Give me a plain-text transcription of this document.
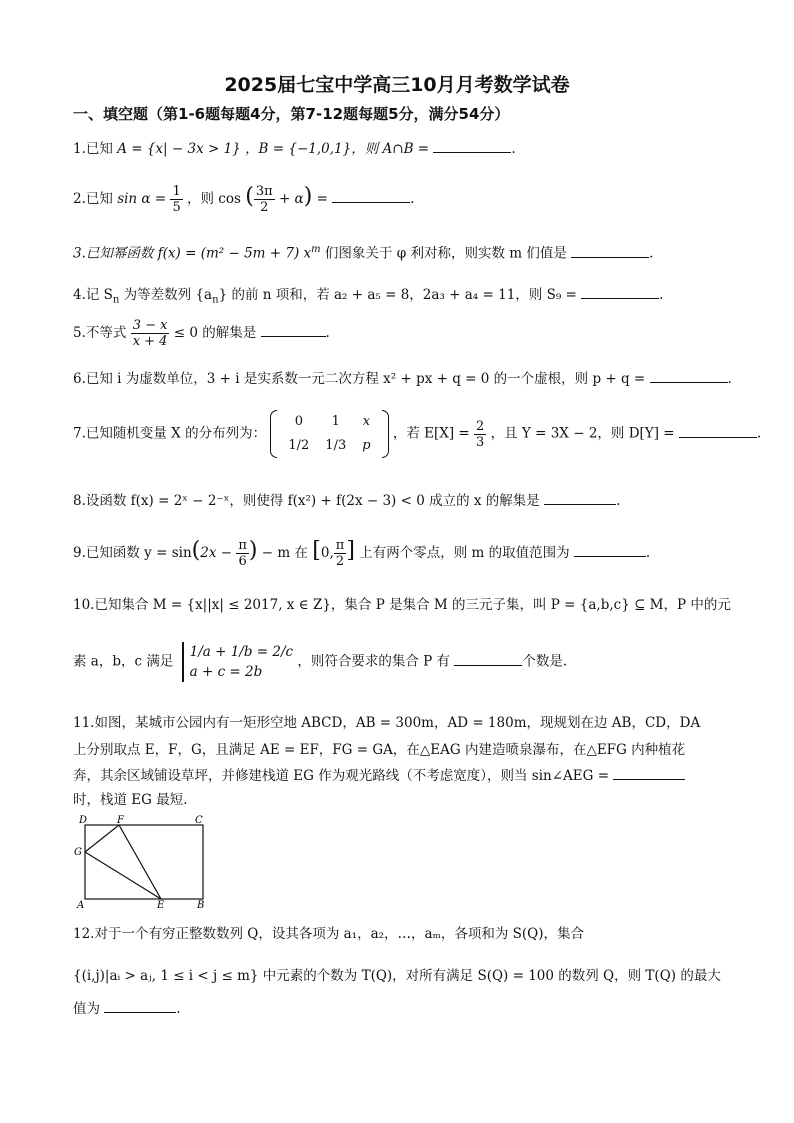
2025届七宝中学高三10月月考数学试卷
一、填空题（第1-6题每题4分，第7-12题每题5分，满分54分）
1.已知 A = {x| − 3x > 1} ，B = {−1,0,1}，则 A∩B =	.
2.已知 $\sin \alpha = \frac{1}{5}$ ，则 cos ( $\frac{3\pi}{2} + \alpha$) =	.
3.已知幂函数 f(x) = (m² − 5m + 7) $x^m$ 们图象关于 φ 利对称，则实数 m 们值是	.
4.记 $S_n$ 为等差数列 $\{a_n\}$ 的前 n 项和，若 a₂ + a₅ = 8，2a₃ + a₄ = 11，则 S₉ =	.
5.不等式 $\frac{3 - x}{x + 4} \le 0$ 的解集是	.
6.已知 i 为虚数单位，3 + i 是实系数一元二次方程 x² + px + q = 0 的一个虚根，则 p + q =	.
7.已知随机变量 X 的分布列为：
0	1	x
1/2	1/3	p
，若 $E[X] = \frac{2}{3}$ ，且 Y = 3X − 2，则 D[Y] =	.
8.设函数 f(x) = 2ˣ − 2⁻ˣ，则使得 f(x²) + f(2x − 3) < 0 成立的 x 的解集是	.
9.已知函数 $y = \sin(2x - \frac{\pi}{6}$ ) − m 在 [0, $\frac{\pi}{2}$ ] 上有两个零点，则 m 的取值范围为	.
10.已知集合 M = {x||x| ≤ 2017, x ∈ Z}，集合 P 是集合 M 的三元子集，叫 P = {a,b,c} ⊆ M，P 中的元
素 a，b，c 满足
1/a + 1/b = 2/c
a + c = 2b
，则符合要求的集合 P 有	个数是.
11.如图，某城市公园内有一矩形空地 ABCD，AB = 300m，AD = 180m，现规划在边 AB，CD，DA
上分别取点 E，F，G，且满足 AE = EF，FG = GA，在△EAG 内建造喷泉瀑布，在△EFG 内种植花
奔，其余区域铺设草坪，并修建栈道 EG 作为观光路线（不考虑宽度），则当 sin∠AEG =
时，栈道 EG 最短.
D	F	C
G
A	E	B
12.对于一个有穷正整数数列 Q，设其各项为 a₁，a₂，…，aₘ，各项和为 S(Q)，集合
{(i,j)|aᵢ > aⱼ, 1 ≤ i < j ≤ m} 中元素的个数为 T(Q)，对所有满足 S(Q) = 100 的数列 Q，则 T(Q) 的最大
值为	.
